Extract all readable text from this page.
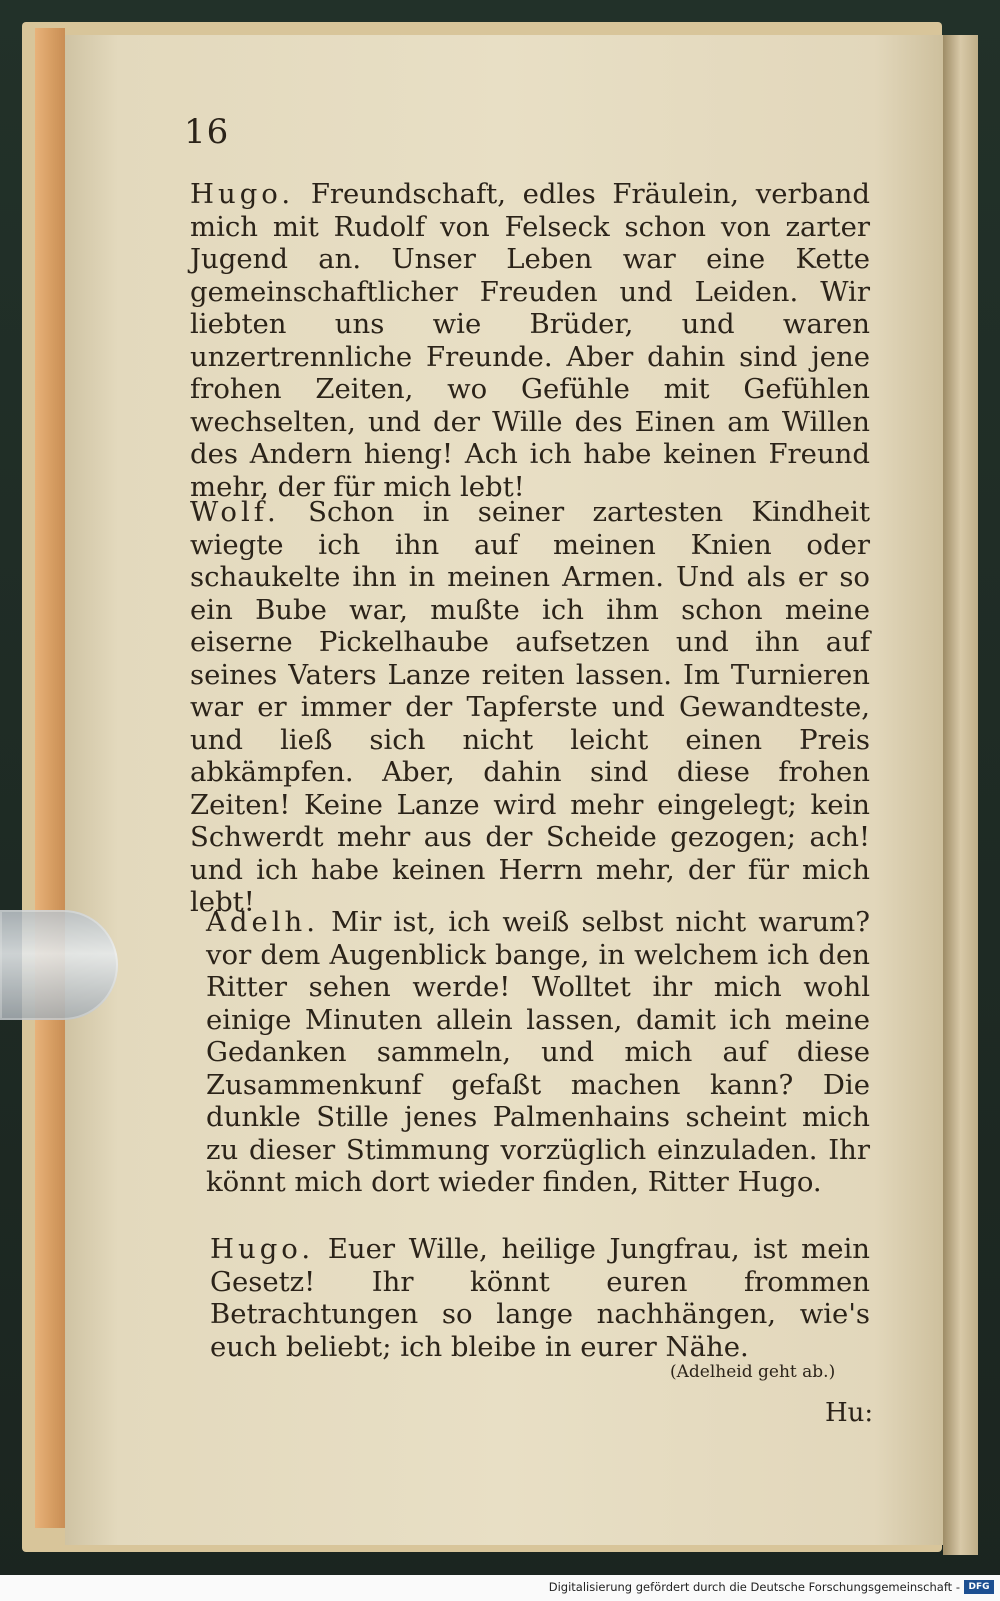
16

Hugo. Freundschaft, edles Fräulein, verband mich mit Rudolf von Felseck schon von zarter Jugend an. Unser Leben war eine Kette gemeinschaftlicher Freuden und Leiden. Wir liebten uns wie Brüder, und waren unzertrennliche Freunde. Aber dahin sind jene frohen Zeiten, wo Gefühle mit Gefühlen wechselten, und der Wille des Einen am Willen des Andern hieng! Ach ich habe keinen Freund mehr, der für mich lebt!

Wolf. Schon in seiner zartesten Kindheit wiegte ich ihn auf meinen Knien oder schaukelte ihn in meinen Armen. Und als er so ein Bube war, mußte ich ihm schon meine eiserne Pickelhaube aufsetzen und ihn auf seines Vaters Lanze reiten lassen. Im Turnieren war er immer der Tapferste und Gewandteste, und ließ sich nicht leicht einen Preis abkämpfen. Aber, dahin sind diese frohen Zeiten! Keine Lanze wird mehr eingelegt; kein Schwerdt mehr aus der Scheide gezogen; ach! und ich habe keinen Herrn mehr, der für mich lebt!

Adelh. Mir ist, ich weiß selbst nicht warum? vor dem Augenblick bange, in welchem ich den Ritter sehen werde! Wolltet ihr mich wohl einige Minuten allein lassen, damit ich meine Gedanken sammeln, und mich auf diese Zusammenkunf gefaßt machen kann? Die dunkle Stille jenes Palmenhains scheint mich zu dieser Stimmung vorzüglich einzuladen. Ihr könnt mich dort wieder finden, Ritter Hugo.

Hugo. Euer Wille, heilige Jungfrau, ist mein Gesetz! Ihr könnt euren frommen Betrachtungen so lange nachhängen, wie's euch beliebt; ich bleibe in eurer Nähe.

(Adelheid geht ab.)
Hu:
Digitalisierung gefördert durch die Deutsche Forschungsgemeinschaft - DFG
